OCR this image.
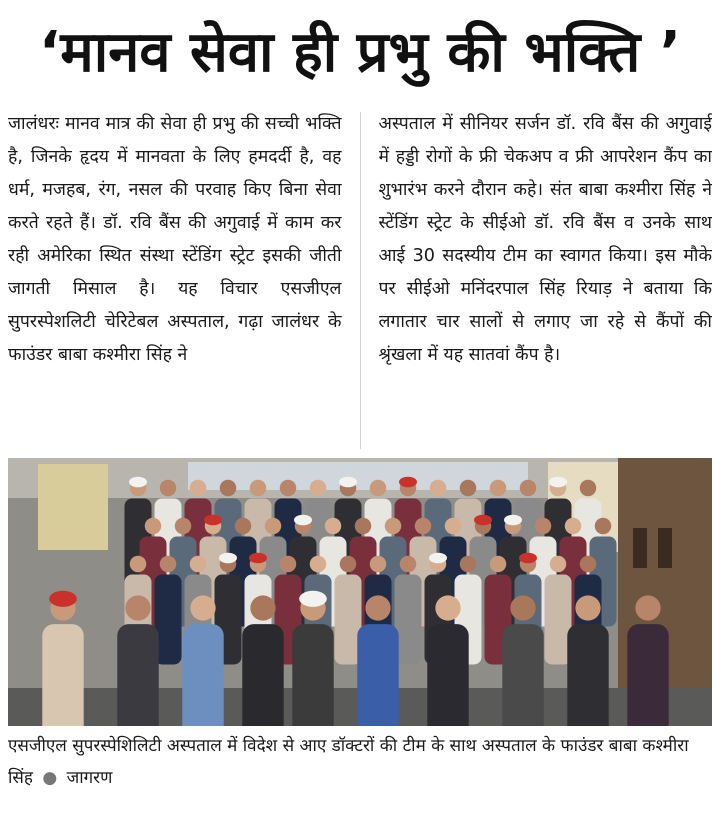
‘मानव सेवा ही प्रभु की भक्ति ’
जालंधरः मानव मात्र की सेवा ही प्रभु की सच्ची भक्ति है, जिनके हृदय में मानवता के लिए हमदर्दी है, वह धर्म, मजहब, रंग, नसल की परवाह किए बिना सेवा करते रहते हैं। डॉ. रवि बैंस की अगुवाई में काम कर रही अमेरिका स्थित संस्था स्टेंडिंग स्ट्रेट इसकी जीती जागती मिसाल है। यह विचार एसजीएल सुपरस्पेशलिटी चेरिटेबल अस्पताल, गढ़ा जालंधर के फाउंडर बाबा कश्मीरा सिंह ने
अस्पताल में सीनियर सर्जन डॉ. रवि बैंस की अगुवाई में हड्डी रोगों के फ्री चेकअप व फ्री आपरेशन कैंप का शुभारंभ करने दौरान कहे। संत बाबा कश्मीरा सिंह ने स्टेंडिंग स्ट्रेट के सीईओ डॉ. रवि बैंस व उनके साथ आई 30 सदस्यीय टीम का स्वागत किया। इस मौके पर सीईओ मनिंदरपाल सिंह रियाड़ ने बताया कि लगातार चार सालों से लगाए जा रहे से कैंपों की श्रृंखला में यह सातवां कैंप है।
एसजीएल सुपरस्पेशिलिटी अस्पताल में विदेश से आए डॉक्टरों की टीम के साथ अस्पताल के फाउंडर बाबा कश्मीरा सिंह ● जागरण
